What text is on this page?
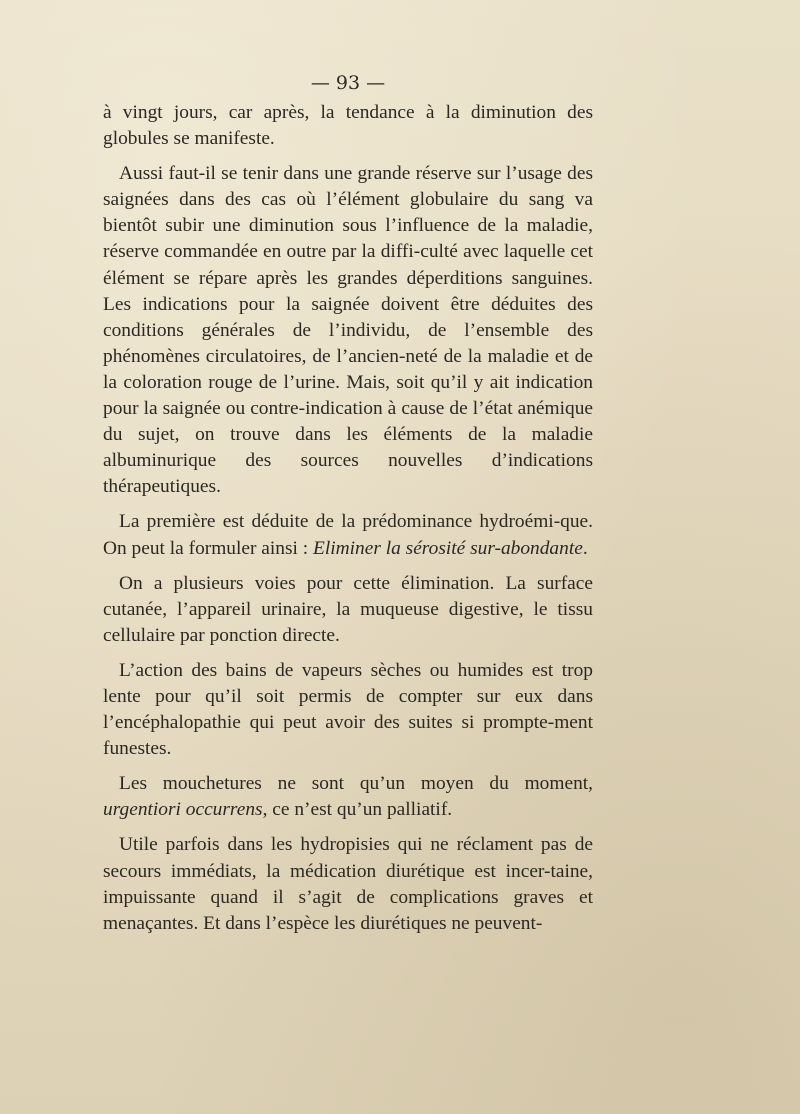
— 93 —

à vingt jours, car après, la tendance à la diminution des globules se manifeste.

Aussi faut-il se tenir dans une grande réserve sur l’usage des saignées dans des cas où l’élément globulaire du sang va bientôt subir une diminution sous l’influence de la maladie, réserve commandée en outre par la diffi-culté avec laquelle cet élément se répare après les grandes déperditions sanguines. Les indications pour la saignée doivent être déduites des conditions générales de l’individu, de l’ensemble des phénomènes circulatoires, de l’ancien-neté de la maladie et de la coloration rouge de l’urine. Mais, soit qu’il y ait indication pour la saignée ou contre-indication à cause de l’état anémique du sujet, on trouve dans les éléments de la maladie albuminurique des sources nouvelles d’indications thérapeutiques.

La première est déduite de la prédominance hydroémi-que. On peut la formuler ainsi : Eliminer la sérosité sur-abondante.

On a plusieurs voies pour cette élimination. La surface cutanée, l’appareil urinaire, la muqueuse digestive, le tissu cellulaire par ponction directe.

L’action des bains de vapeurs sèches ou humides est trop lente pour qu’il soit permis de compter sur eux dans l’encéphalopathie qui peut avoir des suites si prompte-ment funestes.

Les mouchetures ne sont qu’un moyen du moment, urgentiori occurrens, ce n’est qu’un palliatif.

Utile parfois dans les hydropisies qui ne réclament pas de secours immédiats, la médication diurétique est incer-taine, impuissante quand il s’agit de complications graves et menaçantes. Et dans l’espèce les diurétiques ne peuvent-
